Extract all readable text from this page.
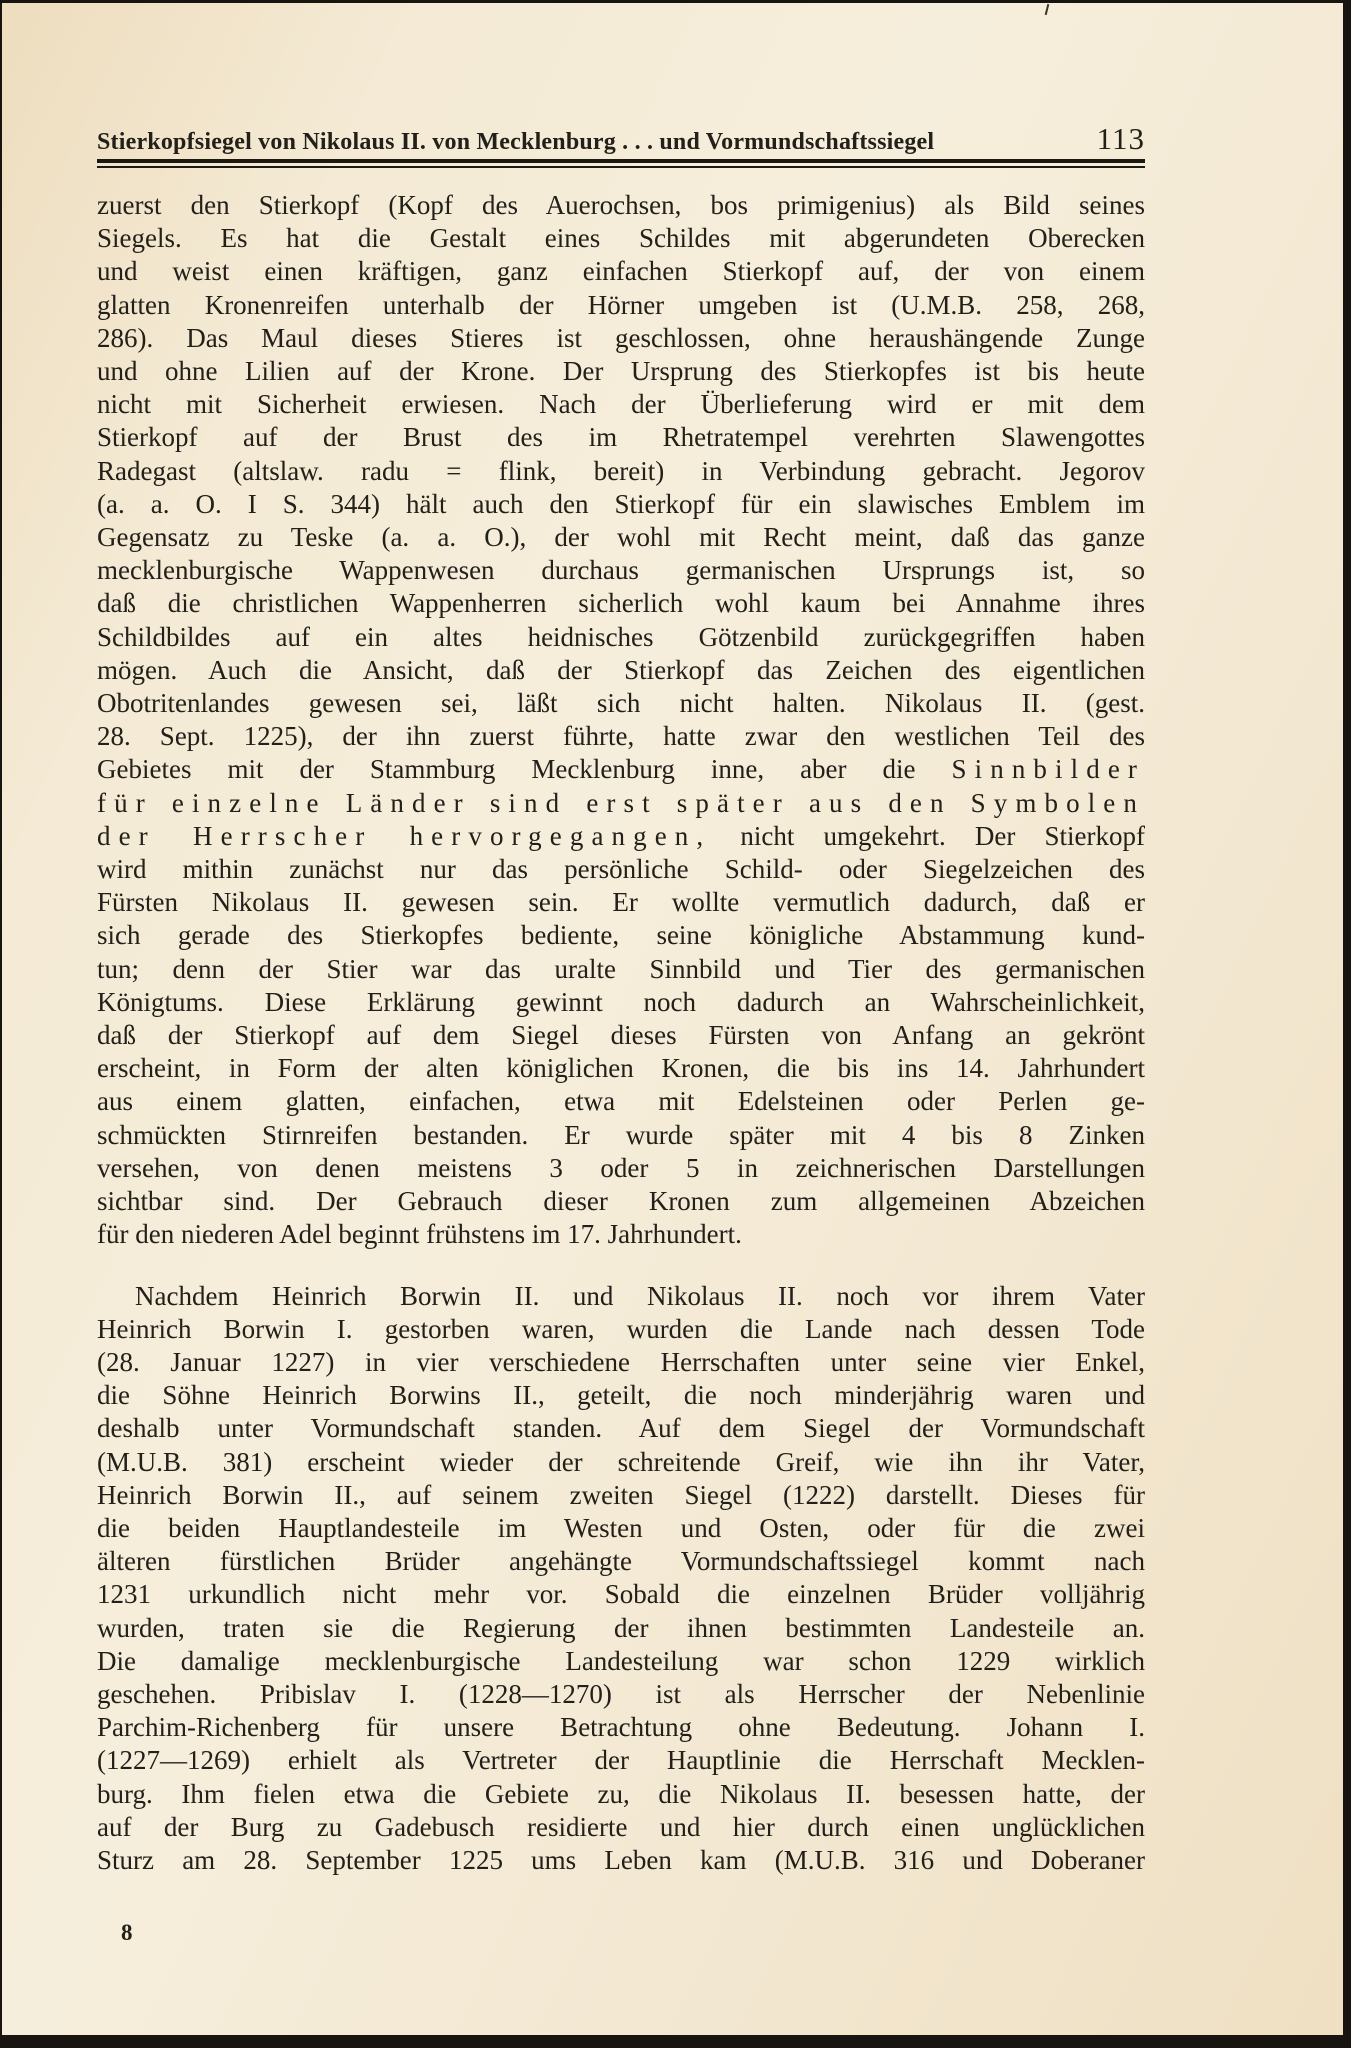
Stierkopfsiegel von Nikolaus II. von Mecklenburg . . . und Vormundschaftssiegel	113
zuerst den Stierkopf (Kopf des Auerochsen, bos primigenius) als Bild seines
Siegels. Es hat die Gestalt eines Schildes mit abgerundeten Oberecken
und weist einen kräftigen, ganz einfachen Stierkopf auf, der von einem
glatten Kronenreifen unterhalb der Hörner umgeben ist (U.M.B. 258, 268,
286). Das Maul dieses Stieres ist geschlossen, ohne heraushängende Zunge
und ohne Lilien auf der Krone. Der Ursprung des Stierkopfes ist bis heute
nicht mit Sicherheit erwiesen. Nach der Überlieferung wird er mit dem
Stierkopf auf der Brust des im Rhetratempel verehrten Slawengottes
Radegast (altslaw. radu = flink, bereit) in Verbindung gebracht. Jegorov
(a. a. O. I S. 344) hält auch den Stierkopf für ein slawisches Emblem im
Gegensatz zu Teske (a. a. O.), der wohl mit Recht meint, daß das ganze
mecklenburgische Wappenwesen durchaus germanischen Ursprungs ist, so
daß die christlichen Wappenherren sicherlich wohl kaum bei Annahme ihres
Schildbildes auf ein altes heidnisches Götzenbild zurückgegriffen haben
mögen. Auch die Ansicht, daß der Stierkopf das Zeichen des eigentlichen
Obotritenlandes gewesen sei, läßt sich nicht halten. Nikolaus II. (gest.
28. Sept. 1225), der ihn zuerst führte, hatte zwar den westlichen Teil des
Gebietes mit der Stammburg Mecklenburg inne, aber die Sinnbilder
für einzelne Länder sind erst später aus den Symbolen
der Herrscher hervorgegangen, nicht umgekehrt. Der Stierkopf
wird mithin zunächst nur das persönliche Schild- oder Siegelzeichen des
Fürsten Nikolaus II. gewesen sein. Er wollte vermutlich dadurch, daß er
sich gerade des Stierkopfes bediente, seine königliche Abstammung kund-
tun; denn der Stier war das uralte Sinnbild und Tier des germanischen
Königtums. Diese Erklärung gewinnt noch dadurch an Wahrscheinlichkeit,
daß der Stierkopf auf dem Siegel dieses Fürsten von Anfang an gekrönt
erscheint, in Form der alten königlichen Kronen, die bis ins 14. Jahrhundert
aus einem glatten, einfachen, etwa mit Edelsteinen oder Perlen ge-
schmückten Stirnreifen bestanden. Er wurde später mit 4 bis 8 Zinken
versehen, von denen meistens 3 oder 5 in zeichnerischen Darstellungen
sichtbar sind. Der Gebrauch dieser Kronen zum allgemeinen Abzeichen
für den niederen Adel beginnt frühstens im 17. Jahrhundert.
Nachdem Heinrich Borwin II. und Nikolaus II. noch vor ihrem Vater
Heinrich Borwin I. gestorben waren, wurden die Lande nach dessen Tode
(28. Januar 1227) in vier verschiedene Herrschaften unter seine vier Enkel,
die Söhne Heinrich Borwins II., geteilt, die noch minderjährig waren und
deshalb unter Vormundschaft standen. Auf dem Siegel der Vormundschaft
(M.U.B. 381) erscheint wieder der schreitende Greif, wie ihn ihr Vater,
Heinrich Borwin II., auf seinem zweiten Siegel (1222) darstellt. Dieses für
die beiden Hauptlandesteile im Westen und Osten, oder für die zwei
älteren fürstlichen Brüder angehängte Vormundschaftssiegel kommt nach
1231 urkundlich nicht mehr vor. Sobald die einzelnen Brüder volljährig
wurden, traten sie die Regierung der ihnen bestimmten Landesteile an.
Die damalige mecklenburgische Landesteilung war schon 1229 wirklich
geschehen. Pribislav I. (1228—1270) ist als Herrscher der Nebenlinie
Parchim-Richenberg für unsere Betrachtung ohne Bedeutung. Johann I.
(1227—1269) erhielt als Vertreter der Hauptlinie die Herrschaft Mecklen-
burg. Ihm fielen etwa die Gebiete zu, die Nikolaus II. besessen hatte, der
auf der Burg zu Gadebusch residierte und hier durch einen unglücklichen
Sturz am 28. September 1225 ums Leben kam (M.U.B. 316 und Doberaner
8
